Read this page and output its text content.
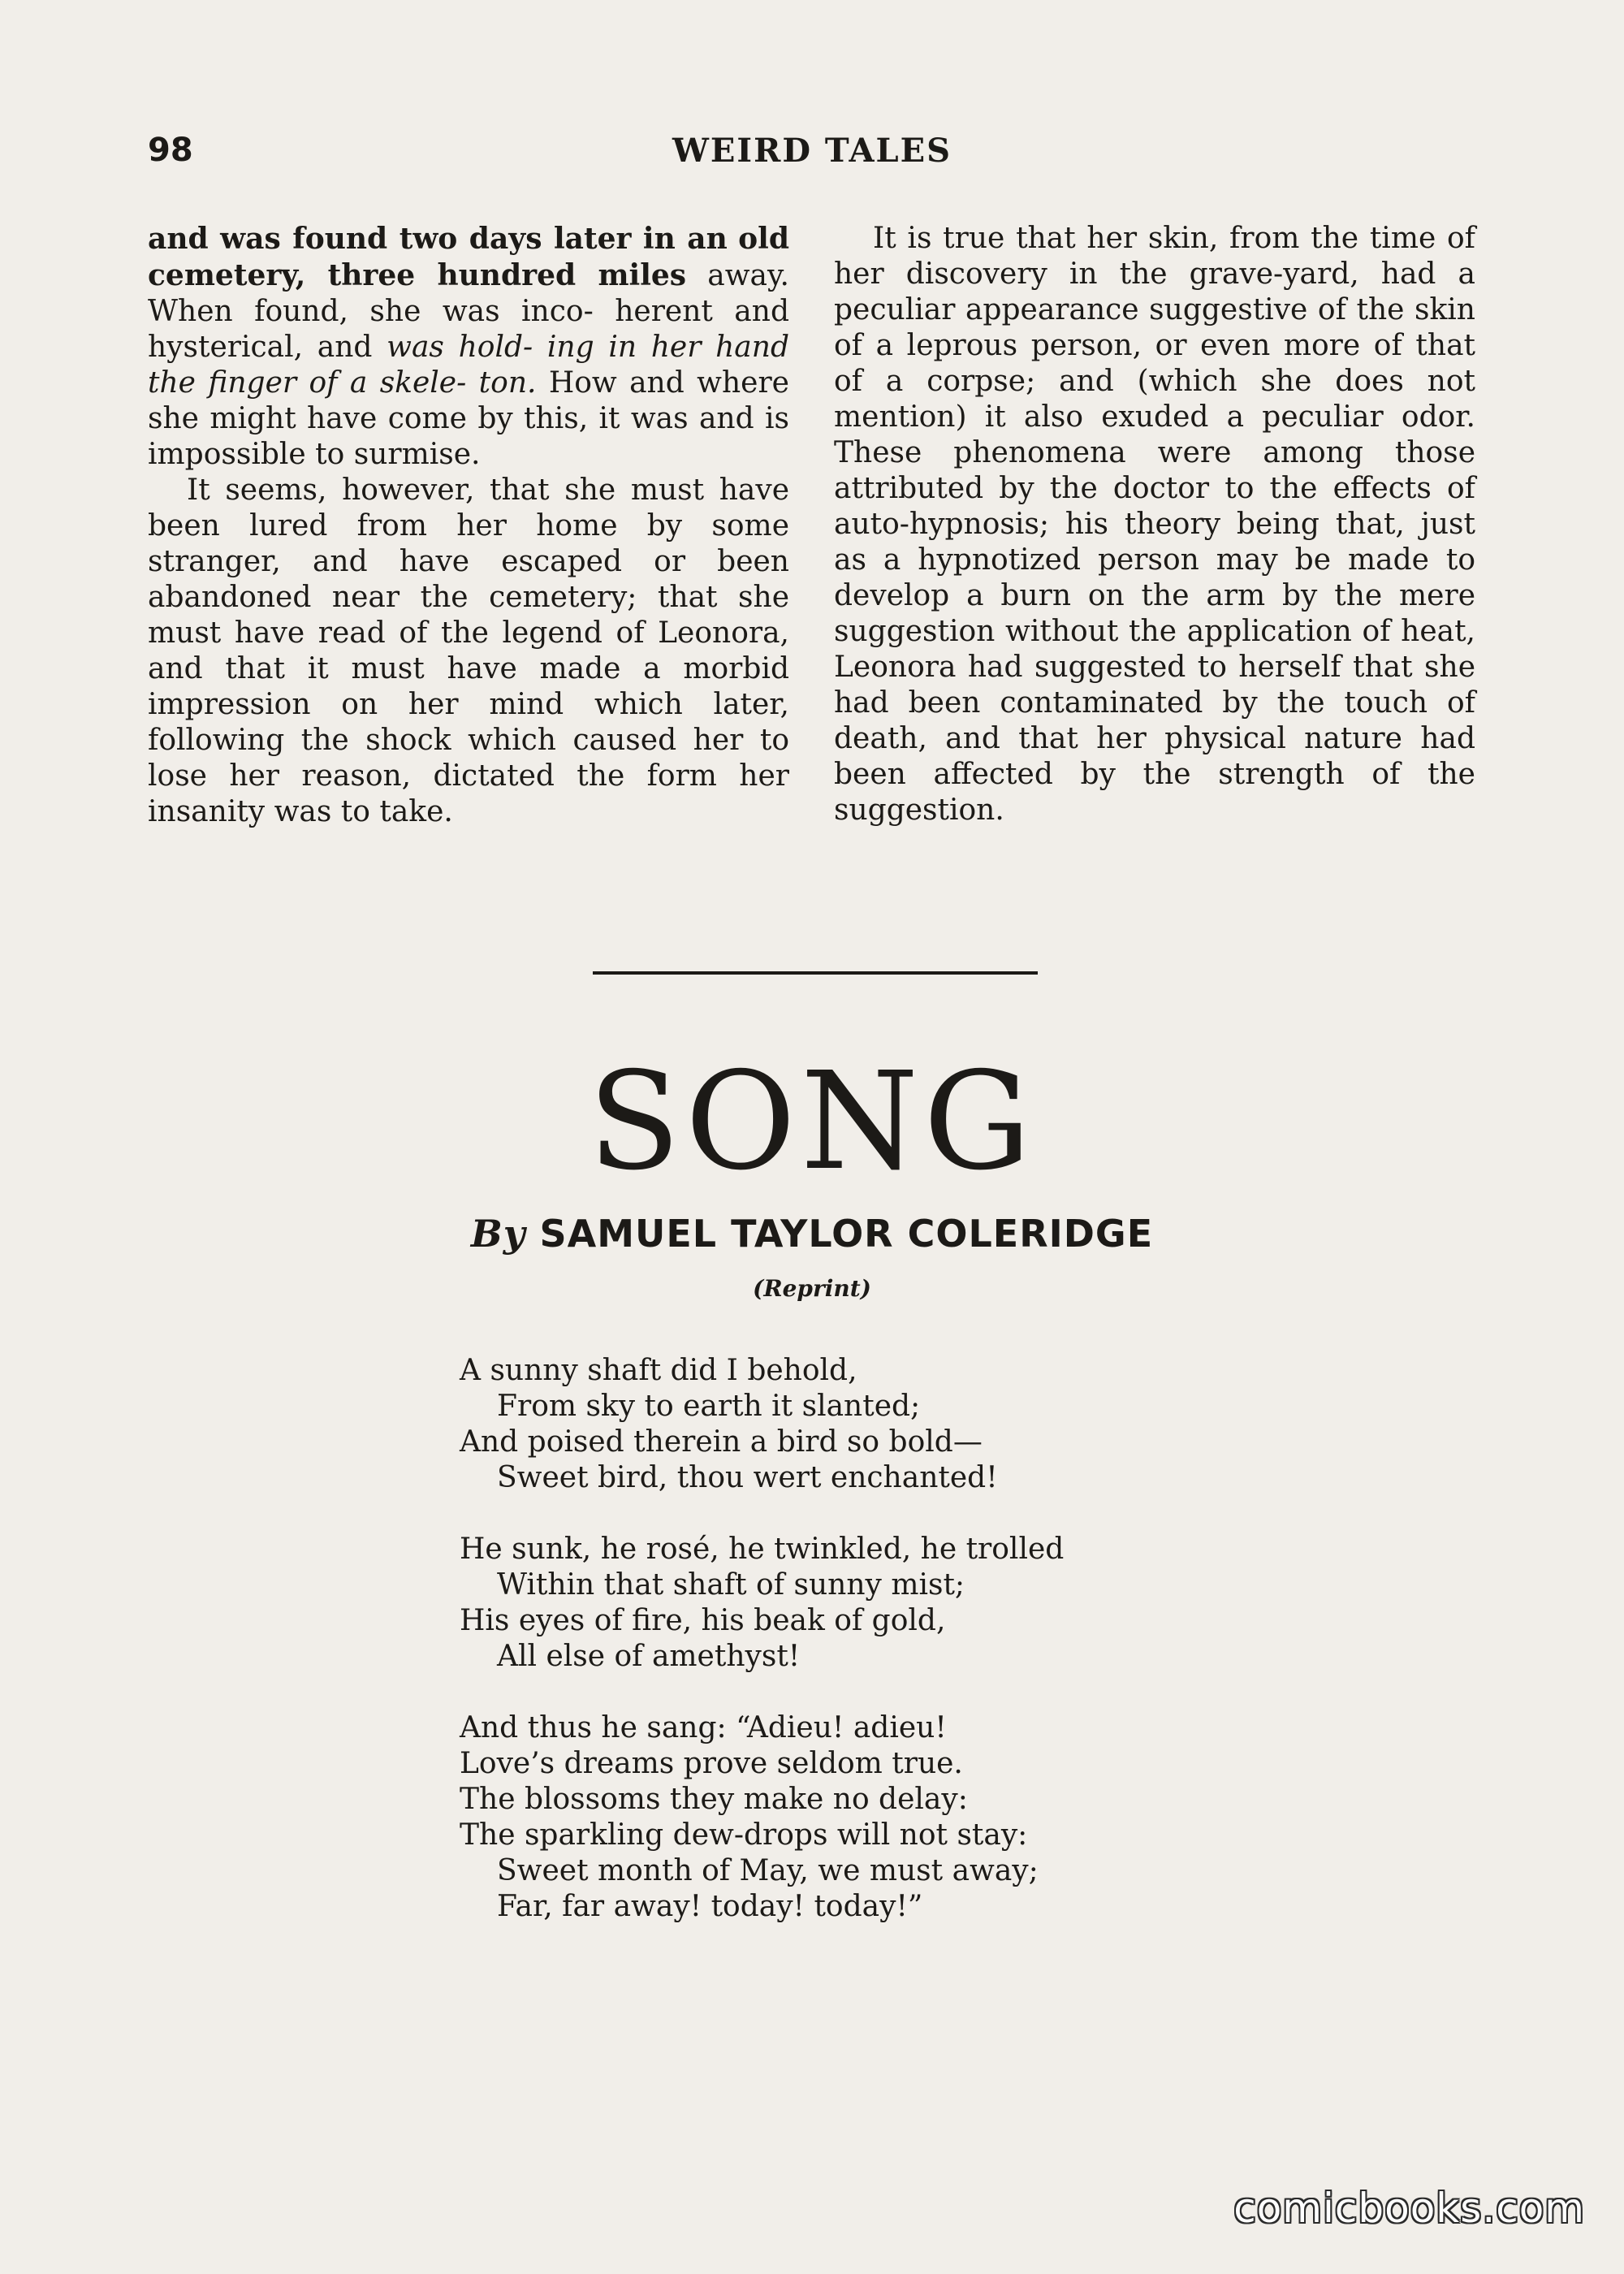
98	WEIRD TALES

and was found two days later in an old cemetery, three hundred miles away. When found, she was inco- herent and hysterical, and was hold- ing in her hand the finger of a skele- ton. How and where she might have come by this, it was and is impossible to surmise.

It seems, however, that she must have been lured from her home by some stranger, and have escaped or been abandoned near the cemetery; that she must have read of the legend of Leonora, and that it must have made a morbid impression on her mind which later, following the shock which caused her to lose her reason, dictated the form her insanity was to take.

It is true that her skin, from the time of her discovery in the grave-yard, had a peculiar appearance suggestive of the skin of a leprous person, or even more of that of a corpse; and (which she does not mention) it also exuded a peculiar odor. These phenomena were among those attributed by the doctor to the effects of auto-hypnosis; his theory being that, just as a hypnotized person may be made to develop a burn on the arm by the mere suggestion without the application of heat, Leonora had suggested to herself that she had been contaminated by the touch of death, and that her physical nature had been affected by the strength of the suggestion.

SONG
By SAMUEL TAYLOR COLERIDGE
(Reprint)
A sunny shaft did I behold,
From sky to earth it slanted;
And poised therein a bird so bold—
Sweet bird, thou wert enchanted!
He sunk, he rosé, he twinkled, he trolled
Within that shaft of sunny mist;
His eyes of fire, his beak of gold,
All else of amethyst!
And thus he sang: “Adieu! adieu!
Love’s dreams prove seldom true.
The blossoms they make no delay:
The sparkling dew-drops will not stay:
Sweet month of May, we must away;
Far, far away! today! today!”
comicbooks.com
